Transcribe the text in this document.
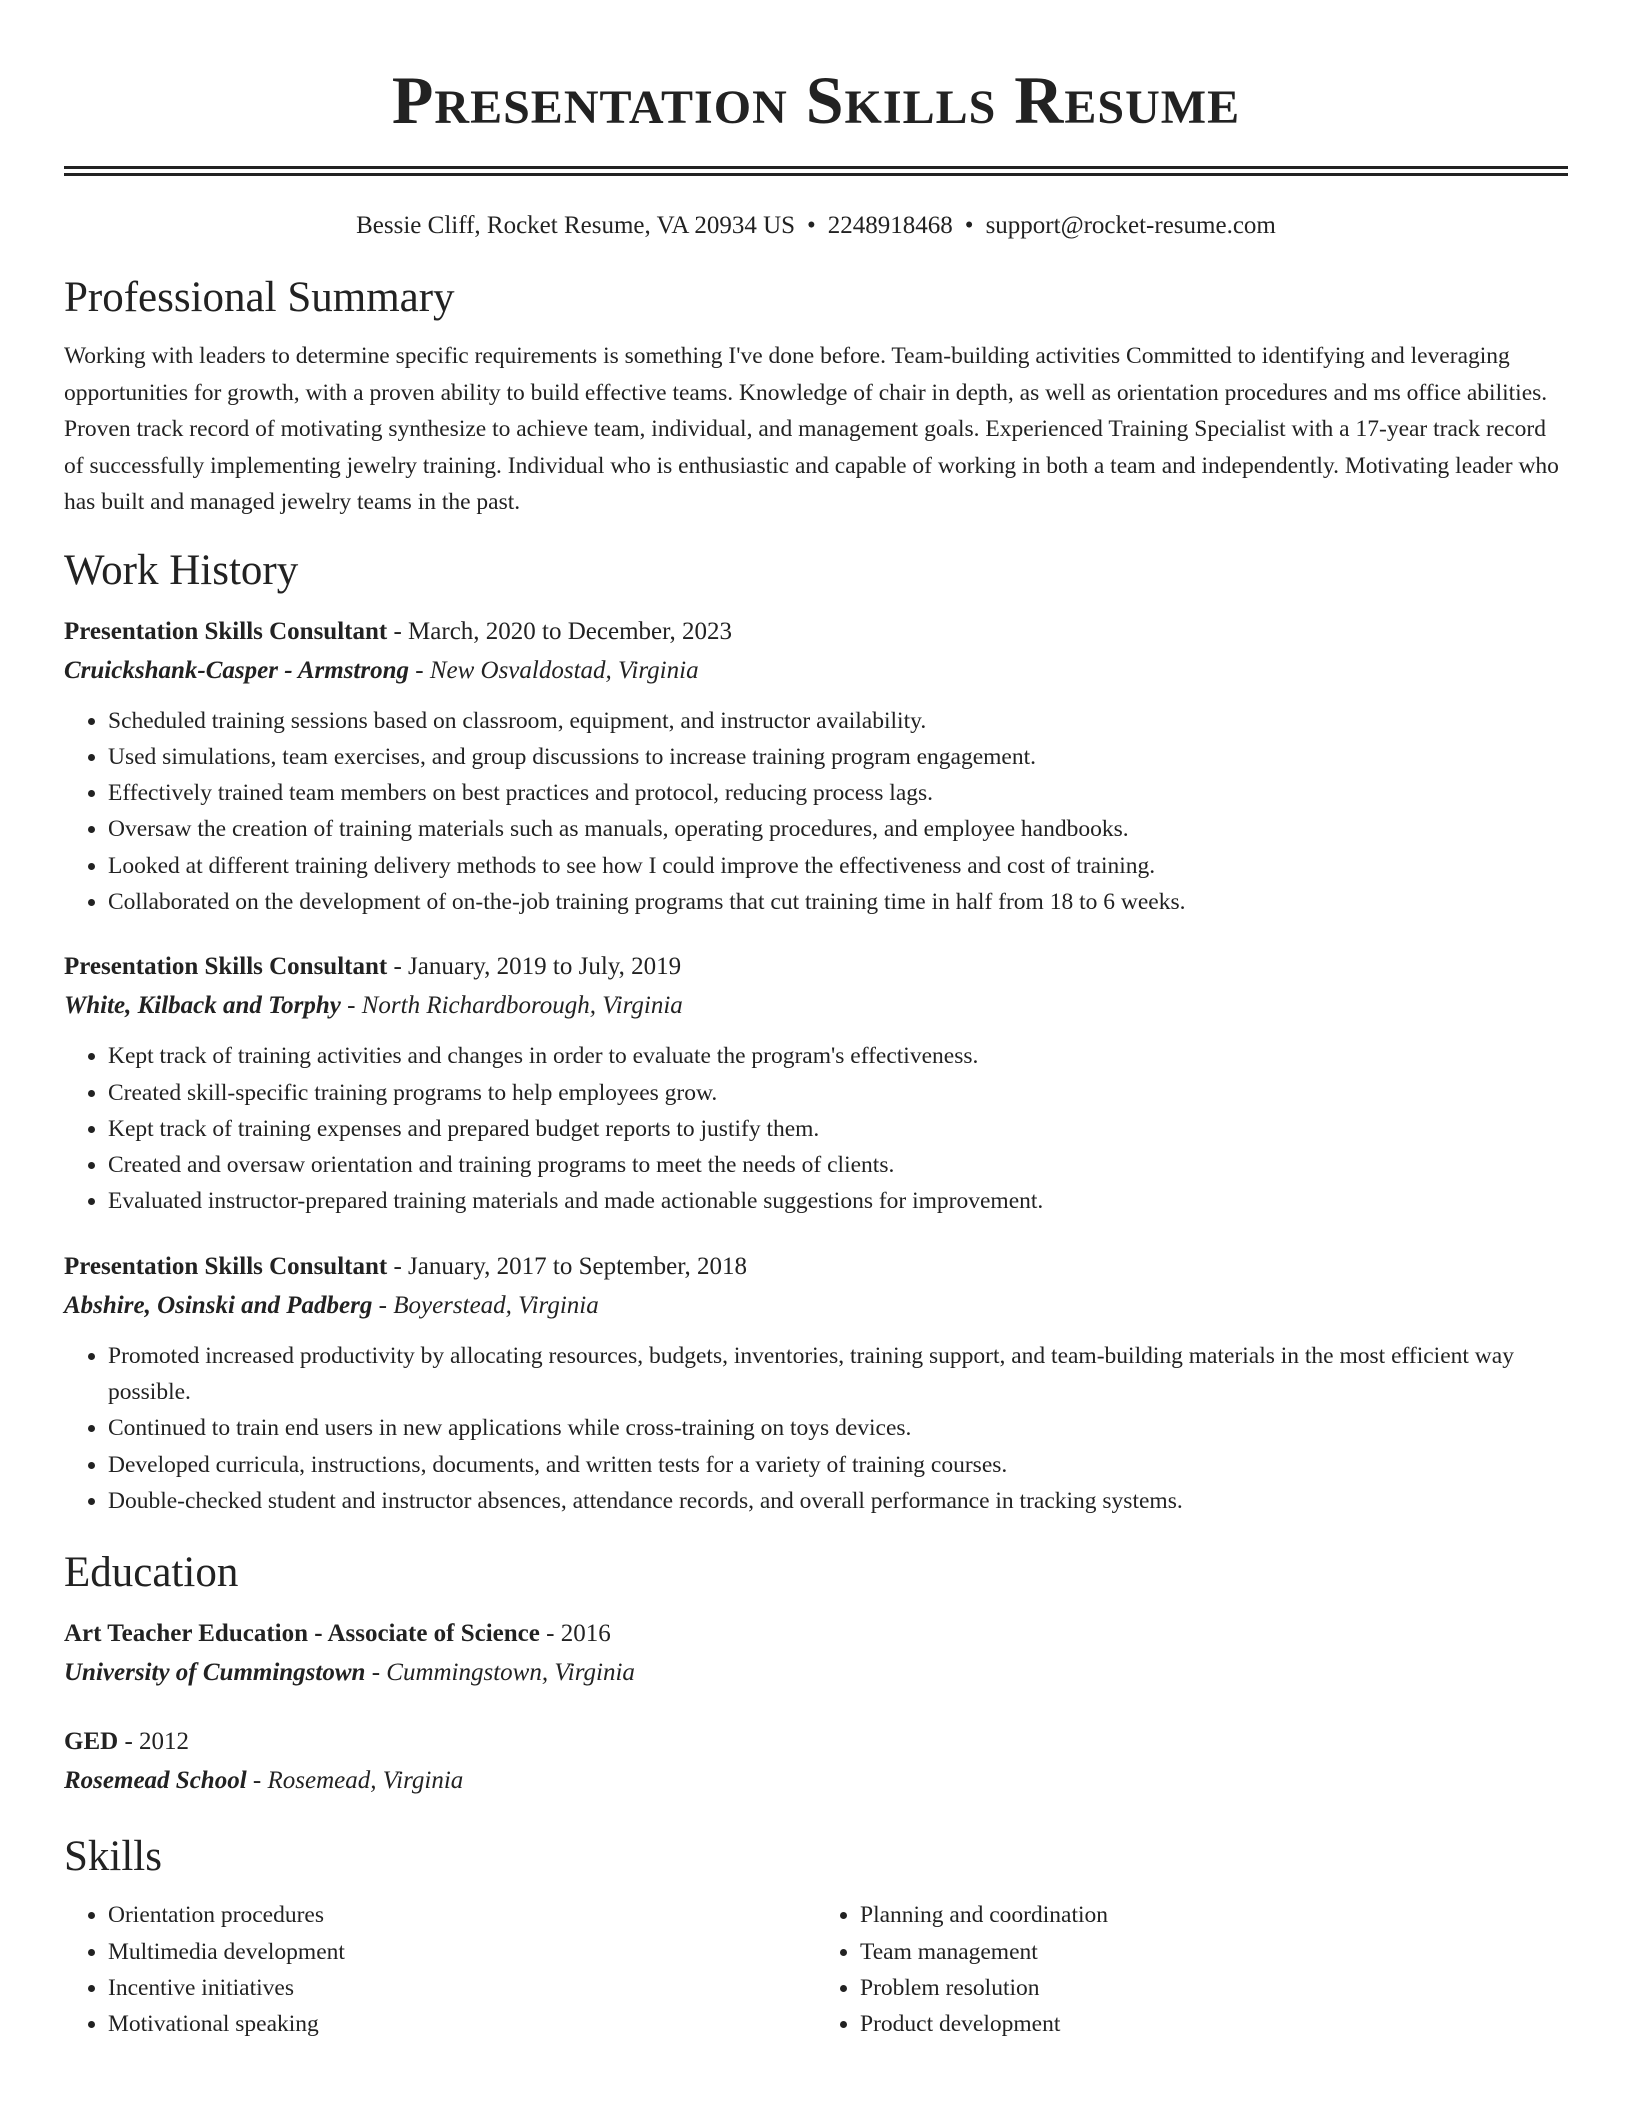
Presentation Skills Resume
Bessie Cliff, Rocket Resume, VA 20934 US • 2248918468 • support@rocket-resume.com
Professional Summary
Working with leaders to determine specific requirements is something I've done before. Team-building activities Committed to identifying and leveraging opportunities for growth, with a proven ability to build effective teams. Knowledge of chair in depth, as well as orientation procedures and ms office abilities. Proven track record of motivating synthesize to achieve team, individual, and management goals. Experienced Training Specialist with a 17-year track record of successfully implementing jewelry training. Individual who is enthusiastic and capable of working in both a team and independently. Motivating leader who has built and managed jewelry teams in the past.
Work History
Presentation Skills Consultant - March, 2020 to December, 2023
Cruickshank-Casper - Armstrong - New Osvaldostad, Virginia
• Scheduled training sessions based on classroom, equipment, and instructor availability.
• Used simulations, team exercises, and group discussions to increase training program engagement.
• Effectively trained team members on best practices and protocol, reducing process lags.
• Oversaw the creation of training materials such as manuals, operating procedures, and employee handbooks.
• Looked at different training delivery methods to see how I could improve the effectiveness and cost of training.
• Collaborated on the development of on-the-job training programs that cut training time in half from 18 to 6 weeks.
Presentation Skills Consultant - January, 2019 to July, 2019
White, Kilback and Torphy - North Richardborough, Virginia
• Kept track of training activities and changes in order to evaluate the program's effectiveness.
• Created skill-specific training programs to help employees grow.
• Kept track of training expenses and prepared budget reports to justify them.
• Created and oversaw orientation and training programs to meet the needs of clients.
• Evaluated instructor-prepared training materials and made actionable suggestions for improvement.
Presentation Skills Consultant - January, 2017 to September, 2018
Abshire, Osinski and Padberg - Boyerstead, Virginia
• Promoted increased productivity by allocating resources, budgets, inventories, training support, and team-building materials in the most efficient way possible.
• Continued to train end users in new applications while cross-training on toys devices.
• Developed curricula, instructions, documents, and written tests for a variety of training courses.
• Double-checked student and instructor absences, attendance records, and overall performance in tracking systems.
Education
Art Teacher Education - Associate of Science - 2016
University of Cummingstown - Cummingstown, Virginia
GED - 2012
Rosemead School - Rosemead, Virginia
Skills
• Orientation procedures
• Multimedia development
• Incentive initiatives
• Motivational speaking
• Planning and coordination
• Team management
• Problem resolution
• Product development
